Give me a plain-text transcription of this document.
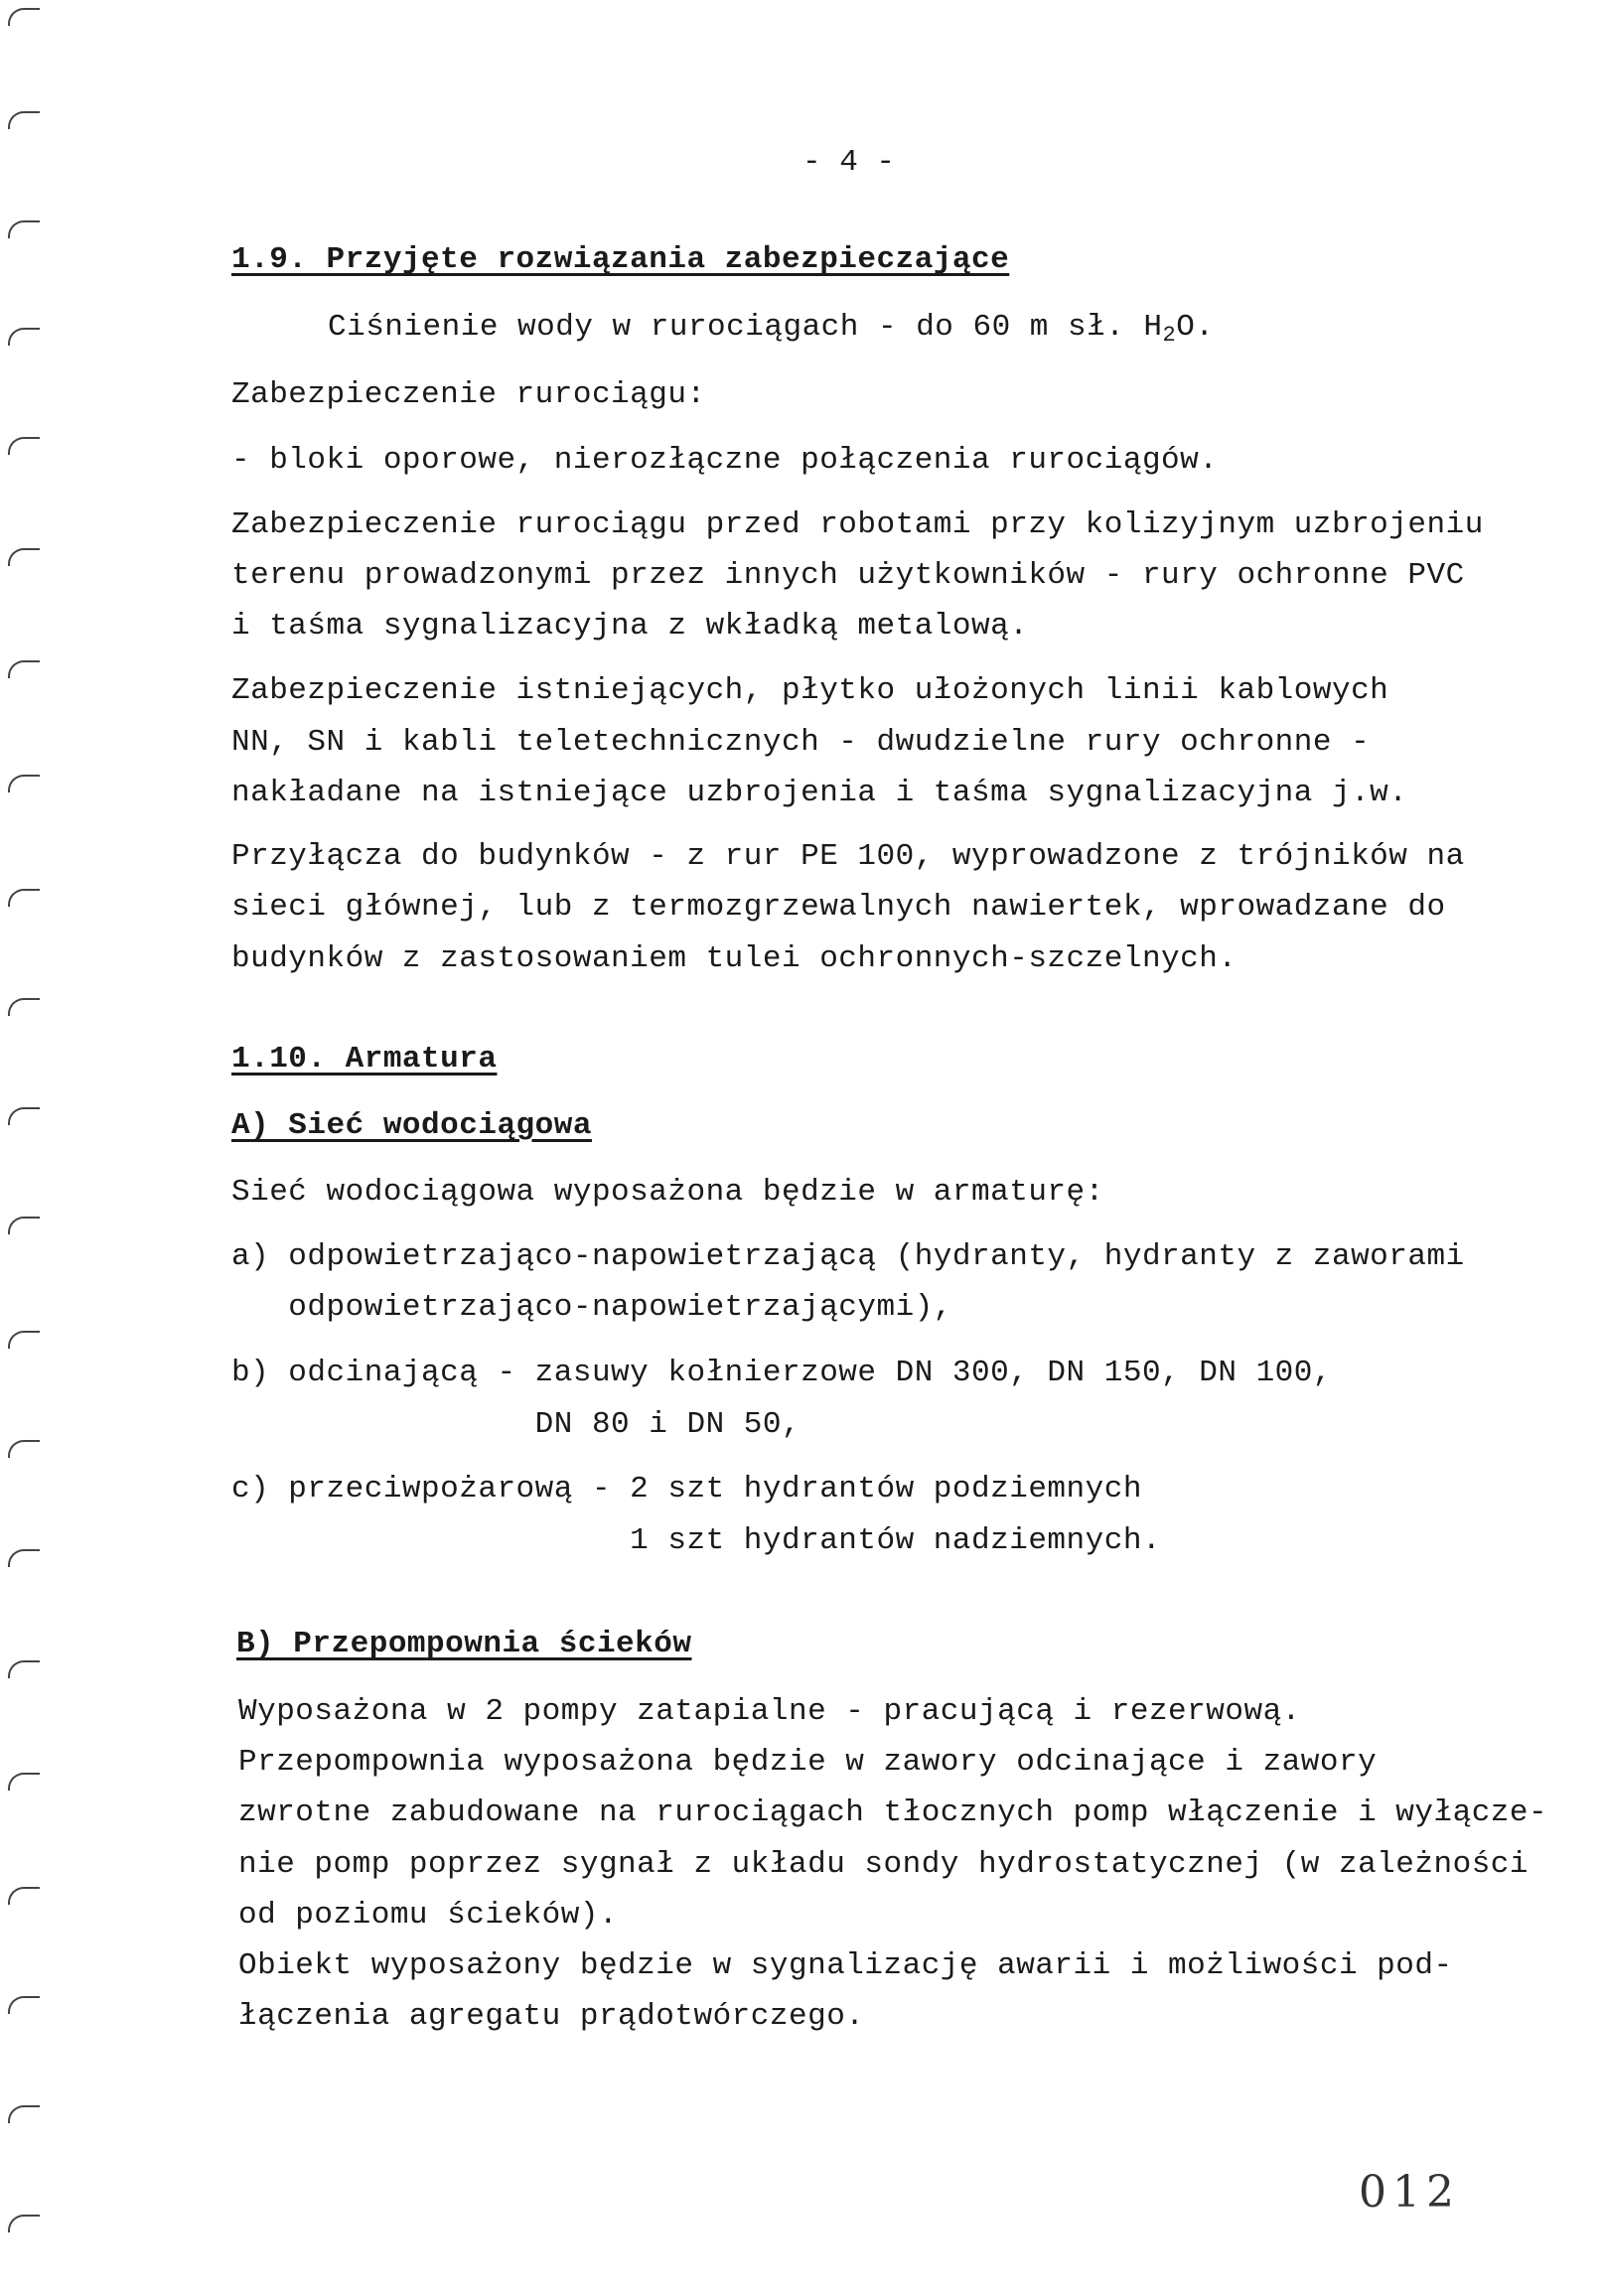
- 4 -
1.9. Przyjęte rozwiązania zabezpieczające
Ciśnienie wody w rurociągach - do 60 m sł. $H_2O$.
Zabezpieczenie rurociągu:
- bloki oporowe, nierozłączne połączenia rurociągów.
Zabezpieczenie rurociągu przed robotami przy kolizyjnym uzbrojeniu
terenu prowadzonymi przez innych użytkowników - rury ochronne PVC
i taśma sygnalizacyjna z wkładką metalową.
Zabezpieczenie istniejących, płytko ułożonych linii kablowych
NN, SN i kabli teletechnicznych - dwudzielne rury ochronne -
nakładane na istniejące uzbrojenia i taśma sygnalizacyjna j.w.
Przyłącza do budynków - z rur PE 100, wyprowadzone z trójników na
sieci głównej, lub z termozgrzewalnych nawiertek, wprowadzane do
budynków z zastosowaniem tulei ochronnych-szczelnych.
1.10. Armatura
A) Sieć wodociągowa
Sieć wodociągowa wyposażona będzie w armaturę:
a) odpowietrzająco-napowietrzającą (hydranty, hydranty z zaworami
odpowietrzająco-napowietrzającymi),
b) odcinającą - zasuwy kołnierzowe DN 300, DN 150, DN 100,
DN 80 i DN 50,
c) przeciwpożarową - 2 szt hydrantów podziemnych
1 szt hydrantów nadziemnych.
B) Przepompownia ścieków
Wyposażona w 2 pompy zatapialne - pracującą i rezerwową.
Przepompownia wyposażona będzie w zawory odcinające i zawory
zwrotne zabudowane na rurociągach tłocznych pomp włączenie i wyłącze-
nie pomp poprzez sygnał z układu sondy hydrostatycznej (w zależności
od poziomu ścieków).
Obiekt wyposażony będzie w sygnalizację awarii i możliwości pod-
łączenia agregatu prądotwórczego.
012
